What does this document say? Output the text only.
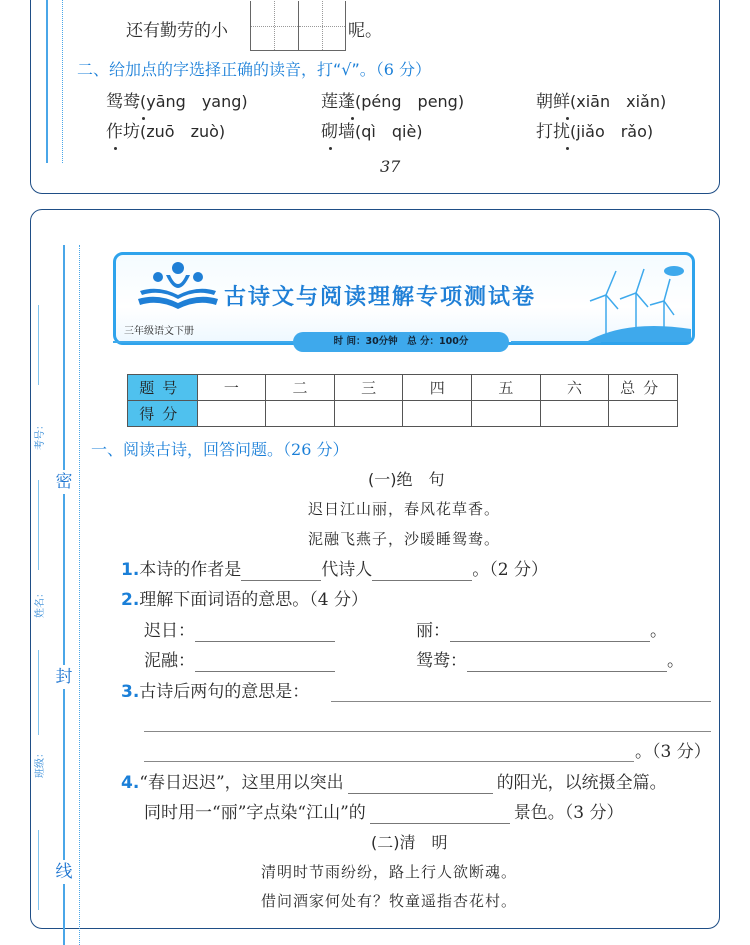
还有勤劳的小	呢。
二、给加点的字选择正确的读音，打“√”。（6 分）
鸳鸯(yāng　yang)	莲蓬(péng　peng)	朝鲜(xiān　xiǎn)
作坊(zuō　zuò)	砌墙(qì　qiè)	打扰(jiǎo　rǎo)
37
密
封
线
考号：
姓名：
班级：
古诗文与阅读理解专项测试卷
三年级语文下册
时 间：30分钟　总 分：100分
题号	一	二	三	四	五	六	总分
得分							
一、阅读古诗，回答问题。（26 分）
(一)绝　句
迟日江山丽，春风花草香。
泥融飞燕子，沙暖睡鸳鸯。
1.本诗的作者是	代诗人	。（2 分）
2.理解下面词语的意思。（4 分）
迟日：	丽：	。
泥融：	鸳鸯：	。
3.古诗后两句的意思是：
。（3 分）
4.“春日迟迟”，这里用以突出	的阳光，以统摄全篇。
同时用一“丽”字点染“江山”的	景色。（3 分）
(二)清　明
清明时节雨纷纷，路上行人欲断魂。
借问酒家何处有？牧童遥指杏花村。
